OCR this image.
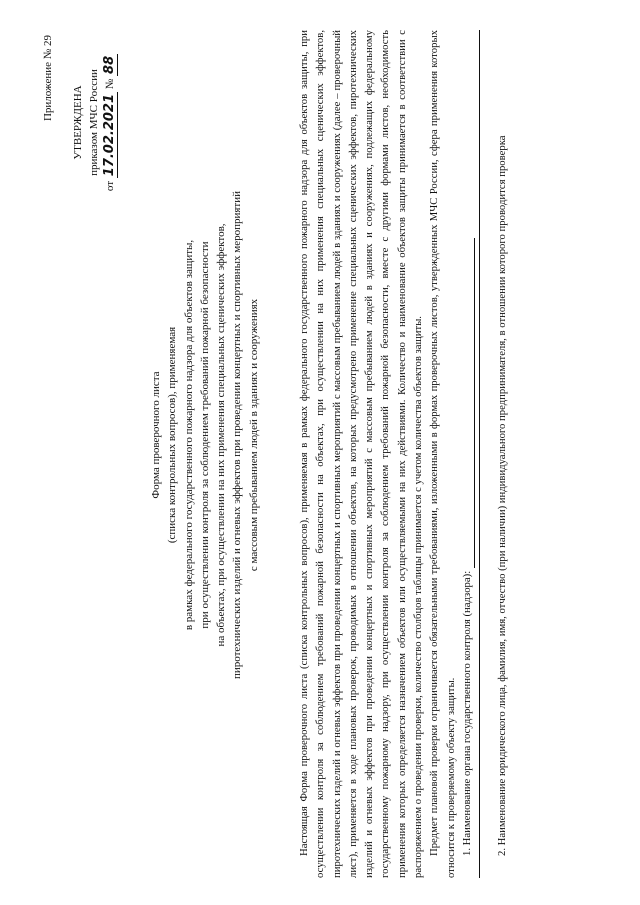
Приложение № 29
УТВЕРЖДЕНА приказом МЧС России
от 17.02.2021 № 88
Форма проверочного листа (списка контрольных вопросов), применяемая в рамках федерального государственного пожарного надзора для объектов защиты, при осуществлении контроля за соблюдением требований пожарной безопасности на объектах, при осуществлении на них применения специальных сценических эффектов, пиротехнических изделий и огневых эффектов при проведении концертных и спортивных мероприятий с массовым пребыванием людей в зданиях и сооружениях	Настоящая Форма проверочного листа (списка контрольных вопросов), применяемая в рамках федерального государственного пожарного надзора для объектов защиты, при осуществлении контроля за соблюдением требований пожарной безопасности на объектах, при осуществлении на них применения специальных сценических эффектов, пиротехнических изделий и огневых эффектов при проведении концертных и спортивных мероприятий с массовым пребыванием людей в зданиях и сооружениях (далее – проверочный лист), применяется в ходе плановых проверок, проводимых в отношении объектов, на которых предусмотрено применение специальных сценических эффектов, пиротехнических изделий и огневых эффектов при проведении концертных и спортивных мероприятий с массовым пребыванием людей в зданиях и сооружениях, подлежащих федеральному государственному пожарному надзору, при осуществлении контроля за соблюдением требований пожарной безопасности, вместе с другими формами листов, необходимость применения которых определяется назначением объектов или осуществляемыми на них действиями. Количество и наименование объектов защиты принимается в соответствии с распоряжением о проведении проверки, количество столбцов таблицы принимается с учетом количества объектов защиты. Предмет плановой проверки ограничивается обязательными требованиями, изложенными в формах проверочных листов, утвержденных МЧС России, сфера применения которых относится к проверяемому объекту защиты. 1. Наименование органа государственного контроля (надзора): 2. Наименование юридического лица, фамилия, имя, отчество (при наличии) индивидуального предпринимателя, в отношении которого проводится проверка
